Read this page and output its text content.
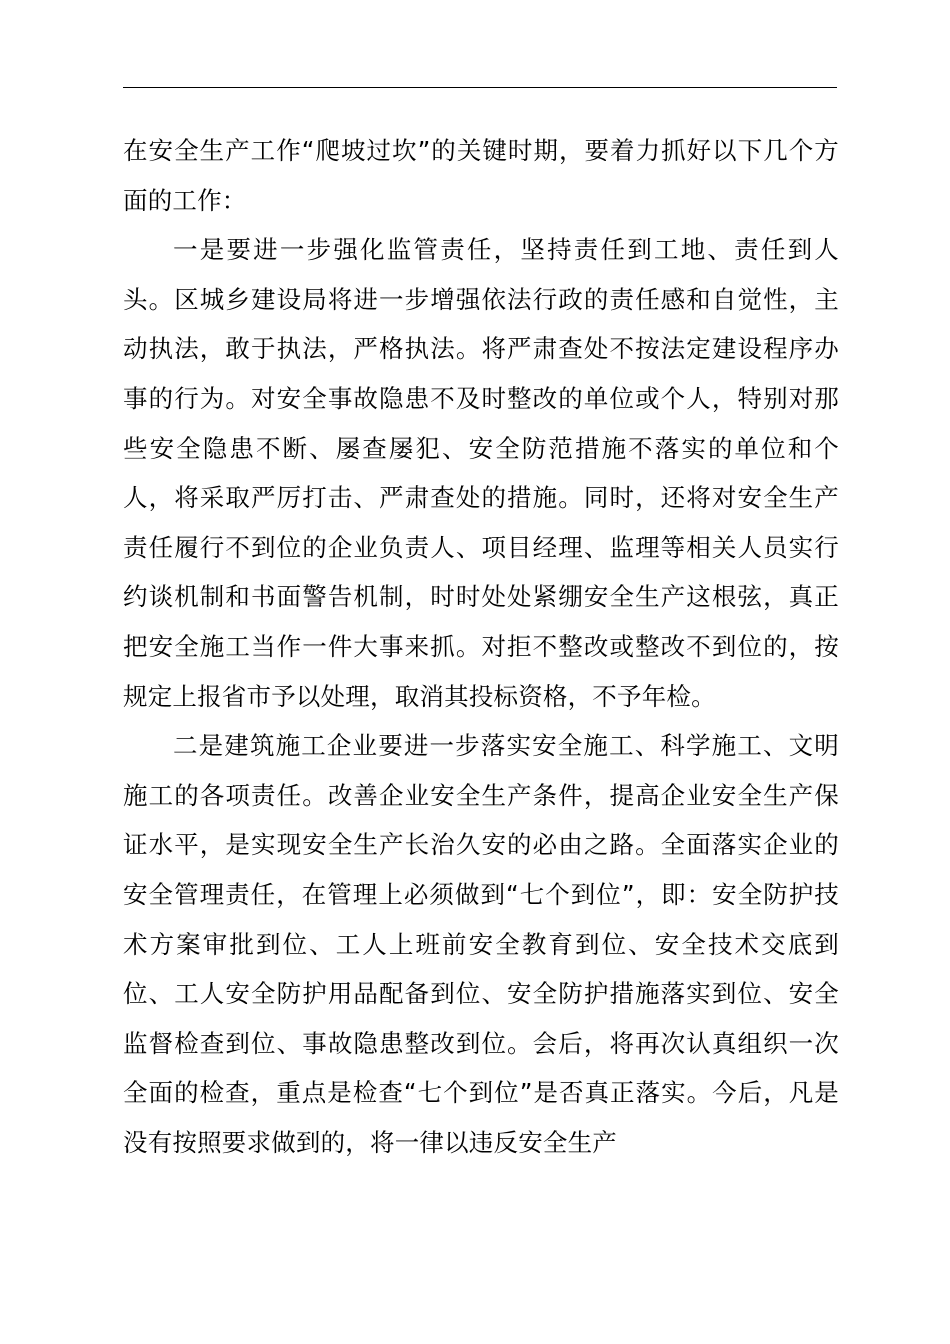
在安全生产工作“爬坡过坎”的关键时期，要着力抓好以下几个方面的工作：

一是要进一步强化监管责任，坚持责任到工地、责任到人头。区城乡建设局将进一步增强依法行政的责任感和自觉性，主动执法，敢于执法，严格执法。将严肃查处不按法定建设程序办事的行为。对安全事故隐患不及时整改的单位或个人，特别对那些安全隐患不断、屡查屡犯、安全防范措施不落实的单位和个人，将采取严厉打击、严肃查处的措施。同时，还将对安全生产责任履行不到位的企业负责人、项目经理、监理等相关人员实行约谈机制和书面警告机制，时时处处紧绷安全生产这根弦，真正把安全施工当作一件大事来抓。对拒不整改或整改不到位的，按规定上报省市予以处理，取消其投标资格，不予年检。

二是建筑施工企业要进一步落实安全施工、科学施工、文明施工的各项责任。改善企业安全生产条件，提高企业安全生产保证水平，是实现安全生产长治久安的必由之路。全面落实企业的安全管理责任，在管理上必须做到“七个到位”，即：安全防护技术方案审批到位、工人上班前安全教育到位、安全技术交底到位、工人安全防护用品配备到位、安全防护措施落实到位、安全监督检查到位、事故隐患整改到位。会后，将再次认真组织一次全面的检查，重点是检查“七个到位”是否真正落实。今后，凡是没有按照要求做到的，将一律以违反安全生产
